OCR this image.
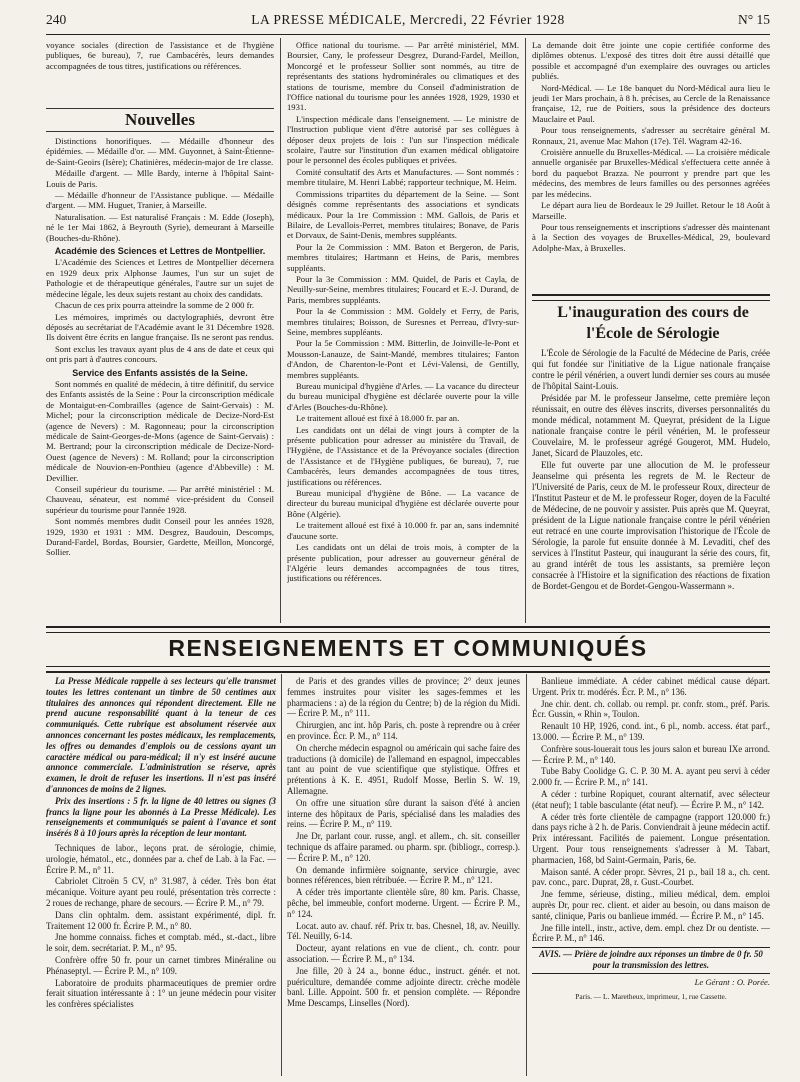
240	LA PRESSE MÉDICALE, Mercredi, 22 Février 1928	N° 15

voyance sociales (direction de l'assistance et de l'hygiène publiques, 6e bureau), 7, rue Cambacérès, leurs demandes accompagnées de tous titres, justifications ou références.

Nouvelles

Distinctions honorifiques. — Médaille d'honneur des épidémies. — Médaille d'or. — MM. Guyonnet, à Saint-Étienne-de-Saint-Geoirs (Isère); Chatinières, médecin-major de 1re classe.

Médaille d'argent. — Mlle Bardy, interne à l'hôpital Saint-Louis de Paris.

— Médaille d'honneur de l'Assistance publique. — Médaille d'argent. — MM. Huguet, Tranier, à Marseille.

Naturalisation. — Est naturalisé Français : M. Edde (Joseph), né le 1er Mai 1862, à Beyrouth (Syrie), demeurant à Marseille (Bouches-du-Rhône).

Académie des Sciences et Lettres de Montpellier.

L'Académie des Sciences et Lettres de Montpellier décernera en 1929 deux prix Alphonse Jaumes, l'un sur un sujet de Pathologie et de thérapeutique générales, l'autre sur un sujet de médecine légale, les deux sujets restant au choix des candidats.

Chacun de ces prix pourra atteindre la somme de 2 000 fr.

Les mémoires, imprimés ou dactylographiés, devront être déposés au secrétariat de l'Académie avant le 31 Décembre 1928. Ils doivent être écrits en langue française. Ils ne seront pas rendus.

Sont exclus les travaux ayant plus de 4 ans de date et ceux qui ont pris part à d'autres concours.

Service des Enfants assistés de la Seine.

Sont nommés en qualité de médecin, à titre définitif, du service des Enfants assistés de la Seine : Pour la circonscription médicale de Montaigut-en-Combrailles (agence de Saint-Gervais) : M. Michel; pour la circonscription médicale de Decize-Nord-Est (agence de Nevers) : M. Ragonneau; pour la circonscription médicale de Saint-Georges-de-Mons (agence de Saint-Gervais) : M. Bertrand; pour la circonscription médicale de Decize-Nord-Ouest (agence de Nevers) : M. Rolland; pour la circonscription médicale de Nouvion-en-Ponthieu (agence d'Abbeville) : M. Devillier.

Conseil supérieur du tourisme. — Par arrêté ministériel : M. Chauveau, sénateur, est nommé vice-président du Conseil supérieur du tourisme pour l'année 1928.

Sont nommés membres dudit Conseil pour les années 1928, 1929, 1930 et 1931 : MM. Desgrez, Baudouin, Descomps, Durand-Fardel, Bordas, Boursier, Gardette, Meillon, Moncorgé, Sollier.

Office national du tourisme. — Par arrêté ministériel, MM. Boursier, Cany, le professeur Desgrez, Durand-Fardel, Meillon, Moncorgé et le professeur Sollier sont nommés, au titre de représentants des stations hydrominérales ou climatiques et des stations de tourisme, membre du Conseil d'administration de l'Office national du tourisme pour les années 1928, 1929, 1930 et 1931.

L'inspection médicale dans l'enseignement. — Le ministre de l'Instruction publique vient d'être autorisé par ses collègues à déposer deux projets de lois : l'un sur l'inspection médicale scolaire, l'autre sur l'institution d'un examen médical obligatoire pour le personnel des écoles publiques et privées.

Comité consultatif des Arts et Manufactures. — Sont nommés : membre titulaire, M. Henri Labbé; rapporteur technique, M. Heim.

Commissions tripartites du département de la Seine. — Sont désignés comme représentants des associations et syndicats médicaux. Pour la 1re Commission : MM. Gallois, de Paris et Bilaire, de Levallois-Perret, membres titulaires; Bonave, de Paris et Dorvaux, de Saint-Denis, membres suppléants.

Pour la 2e Commission : MM. Baton et Bergeron, de Paris, membres titulaires; Hartmann et Heins, de Paris, membres suppléants.

Pour la 3e Commission : MM. Quidel, de Paris et Cayla, de Neuilly-sur-Seine, membres titulaires; Foucard et E.-J. Durand, de Paris, membres suppléants.

Pour la 4e Commission : MM. Goldely et Ferry, de Paris, membres titulaires; Boisson, de Suresnes et Perreau, d'Ivry-sur-Seine, membres suppléants.

Pour la 5e Commission : MM. Bitterlin, de Joinville-le-Pont et Mousson-Lanauze, de Saint-Mandé, membres titulaires; Fanton d'Andon, de Charenton-le-Pont et Lévi-Valensi, de Gentilly, membres suppléants.

Bureau municipal d'hygiène d'Arles. — La vacance du directeur du bureau municipal d'hygiène est déclarée ouverte pour la ville d'Arles (Bouches-du-Rhône).

Le traitement alloué est fixé à 18.000 fr. par an.

Les candidats ont un délai de vingt jours à compter de la présente publication pour adresser au ministère du Travail, de l'Hygiène, de l'Assistance et de la Prévoyance sociales (direction de l'Assistance et de l'Hygiène publiques, 6e bureau), 7, rue Cambacérès, leurs demandes accompagnées de tous titres, justifications ou références.

Bureau municipal d'hygiène de Bône. — La vacance de directeur du bureau municipal d'hygiène est déclarée ouverte pour Bône (Algérie).

Le traitement alloué est fixé à 10.000 fr. par an, sans indemnité d'aucune sorte.

Les candidats ont un délai de trois mois, à compter de la présente publication, pour adresser au gouverneur général de l'Algérie leurs demandes accompagnées de tous titres, justifications ou références.

La demande doit être jointe une copie certifiée conforme des diplômes obtenus. L'exposé des titres doit être aussi détaillé que possible et accompagné d'un exemplaire des ouvrages ou articles publiés.

Nord-Médical. — Le 18e banquet du Nord-Médical aura lieu le jeudi 1er Mars prochain, à 8 h. précises, au Cercle de la Renaissance française, 12, rue de Poitiers, sous la présidence des docteurs Mauclaire et Paul.

Pour tous renseignements, s'adresser au secrétaire général M. Ronnaux, 21, avenue Mac Mahon (17e). Tél. Wagram 42-16.

Croisière annuelle du Bruxelles-Médical. — La croisière médicale annuelle organisée par Bruxelles-Médical s'effectuera cette année à bord du paquebot Brazza. Ne pourront y prendre part que les médecins, des membres de leurs familles ou des personnes agréées par les médecins.

Le départ aura lieu de Bordeaux le 29 Juillet. Retour le 18 Août à Marseille.

Pour tous renseignements et inscriptions s'adresser dès maintenant à la Section des voyages de Bruxelles-Médical, 29, boulevard Adolphe-Max, à Bruxelles.

L'inauguration des cours de l'École de Sérologie

L'École de Sérologie de la Faculté de Médecine de Paris, créée qui fut fondée sur l'initiative de la Ligue nationale française contre le péril vénérien, a ouvert lundi dernier ses cours au musée de l'hôpital Saint-Louis.

Présidée par M. le professeur Janselme, cette première leçon réunissait, en outre des élèves inscrits, diverses personnalités du monde médical, notamment M. Queyrat, président de la Ligue nationale française contre le péril vénérien, M. le professeur Couvelaire, M. le professeur agrégé Gougerot, MM. Hudelo, Janet, Sicard de Plauzoles, etc.

Elle fut ouverte par une allocution de M. le professeur Jeanselme qui présenta les regrets de M. le Recteur de l'Université de Paris, ceux de M. le professeur Roux, directeur de l'Institut Pasteur et de M. le professeur Roger, doyen de la Faculté de Médecine, de ne pouvoir y assister. Puis après que M. Queyrat, président de la Ligue nationale française contre le péril vénérien eut retracé en une courte improvisation l'historique de l'École de Sérologie, la parole fut ensuite donnée à M. Levaditi, chef des services à l'Institut Pasteur, qui inaugurant la série des cours, fit, au grand intérêt de tous les assistants, sa première leçon consacrée à l'Histoire et la signification des réactions de fixation de Bordet-Gengou et de Bordet-Gengou-Wassermann ».

RENSEIGNEMENTS ET COMMUNIQUÉS

La Presse Médicale rappelle à ses lecteurs qu'elle transmet toutes les lettres contenant un timbre de 50 centimes aux titulaires des annonces qui répondent directement. Elle ne prend aucune responsabilité quant à la teneur de ces communiqués. Cette rubrique est absolument réservée aux annonces concernant les postes médicaux, les remplacements, les offres ou demandes d'emplois ou de cessions ayant un caractère médical ou para-médical; il n'y est inséré aucune annonce commerciale. L'administration se réserve, après examen, le droit de refuser les insertions. Il n'est pas inséré d'annonces de moins de 2 lignes.

Prix des insertions : 5 fr. la ligne de 40 lettres ou signes (3 francs la ligne pour les abonnés à La Presse Médicale). Les renseignements et communiqués se paient à l'avance et sont insérés 8 à 10 jours après la réception de leur montant.

Techniques de labor., leçons prat. de sérologie, chimie, urologie, hématol., etc., données par a. chef de Lab. à la Fac. — Écrire P. M., n° 11.

Cabriolet Citroën 5 CV, n° 31.987, à céder. Très bon état mécanique. Voiture ayant peu roulé, présentation très correcte : 2 roues de rechange, phare de secours. — Écrire P. M., n° 79.

Dans clin ophtalm. dem. assistant expérimenté, dipl. fr. Traitement 12 000 fr. Écrire P. M., n° 80.

Jne homme connaiss. fiches et comptab. méd., st.-dact., libre le soir, dem. secrétariat. P. M., n° 95.

Confrère offre 50 fr. pour un carnet timbres Minéraline ou Phénaseptyl. — Écrire P. M., n° 109.

Laboratoire de produits pharmaceutiques de premier ordre ferait situation intéressante à : 1° un jeune médecin pour visiter les confrères spécialistes

de Paris et des grandes villes de province; 2° deux jeunes femmes instruites pour visiter les sages-femmes et les pharmaciens : a) de la région du Centre; b) de la région du Midi. — Écrire P. M., n° 111.

Chirurgien, anc int. hôp Paris, ch. poste à reprendre ou à créer en province. Écr. P. M., n° 114.

On cherche médecin espagnol ou américain qui sache faire des traductions (à domicile) de l'allemand en espagnol, impeccables tant au point de vue scientifique que stylistique. Offres et prétentions à K. E. 4951, Rudolf Mosse, Berlin S. W. 19, Allemagne.

On offre une situation sûre durant la saison d'été à ancien interne des hôpitaux de Paris, spécialisé dans les maladies des reins. — Écrire P. M., n° 119.

Jne Dr, parlant cour. russe, angl. et allem., ch. sit. conseiller technique ds affaire paramed. ou pharm. spr. (bibliogr., corresp.). — Écrire P. M., n° 120.

On demande infirmière soignante, service chirurgie, avec bonnes références, bien rétribuée. — Écrire P. M., n° 121.

A céder très importante clientèle sûre, 80 km. Paris. Chasse, pêche, bel immeuble, confort moderne. Urgent. — Écrire P. M., n° 124.

Locat. auto av. chauf. réf. Prix tr. bas. Chesnel, 18, av. Neuilly. Tél. Neuilly, 6-14.

Docteur, ayant relations en vue de client., ch. contr. pour association. — Écrire P. M., n° 134.

Jne fille, 20 à 24 a., bonne éduc., instruct. génér. et not. puériculture, demandée comme adjointe directr. crèche modèle banl. Lille. Appoint. 500 fr. et pension complète. — Répondre Mme Descamps, Linselles (Nord).

Banlieue immédiate. A céder cabinet médical cause départ. Urgent. Prix tr. modérés. Écr. P. M., n° 136.

Jne chir. dent. ch. collab. ou rempl. pr. confr. stom., préf. Paris. Écr. Gussin, « Rhin », Toulon.

Renault 10 HP, 1926, cond. int., 6 pl., nomb. access. état parf., 13.000. — Écrire P. M., n° 139.

Confrère sous-louerait tous les jours salon et bureau IXe arrond. — Écrire P. M., n° 140.

Tube Baby Coolidge G. C. P. 30 M. A. ayant peu servi à céder 2.000 fr. — Écrire P. M., n° 141.

A céder : turbine Ropiquet, courant alternatif, avec sélecteur (état neuf); 1 table basculante (état neuf). — Écrire P. M., n° 142.

A céder très forte clientèle de campagne (rapport 120.000 fr.) dans pays riche à 2 h. de Paris. Conviendrait à jeune médecin actif. Prix intéressant. Facilités de paiement. Longue présentation. Urgent. Pour tous renseignements s'adresser à M. Tabart, pharmacien, 168, bd Saint-Germain, Paris, 6e.

Maison santé. A céder propr. Sèvres, 21 p., bail 18 a., ch. cent. pav. conc., parc. Duprat, 28, r. Gust.-Courbet.

Jne femme, sérieuse, disting., milieu médical, dem. emploi auprès Dr, pour rec. client. et aider au besoin, ou dans maison de santé, clinique, Paris ou banlieue imméd. — Écrire P. M., n° 145.

Jne fille intell., instr., active, dem. empl. chez Dr ou dentiste. — Écrire P. M., n° 146.

AVIS. — Prière de joindre aux réponses un timbre de 0 fr. 50 pour la transmission des lettres.

Le Gérant : O. Porée.
Paris. — L. Maretheux, imprimeur, 1, rue Cassette.
